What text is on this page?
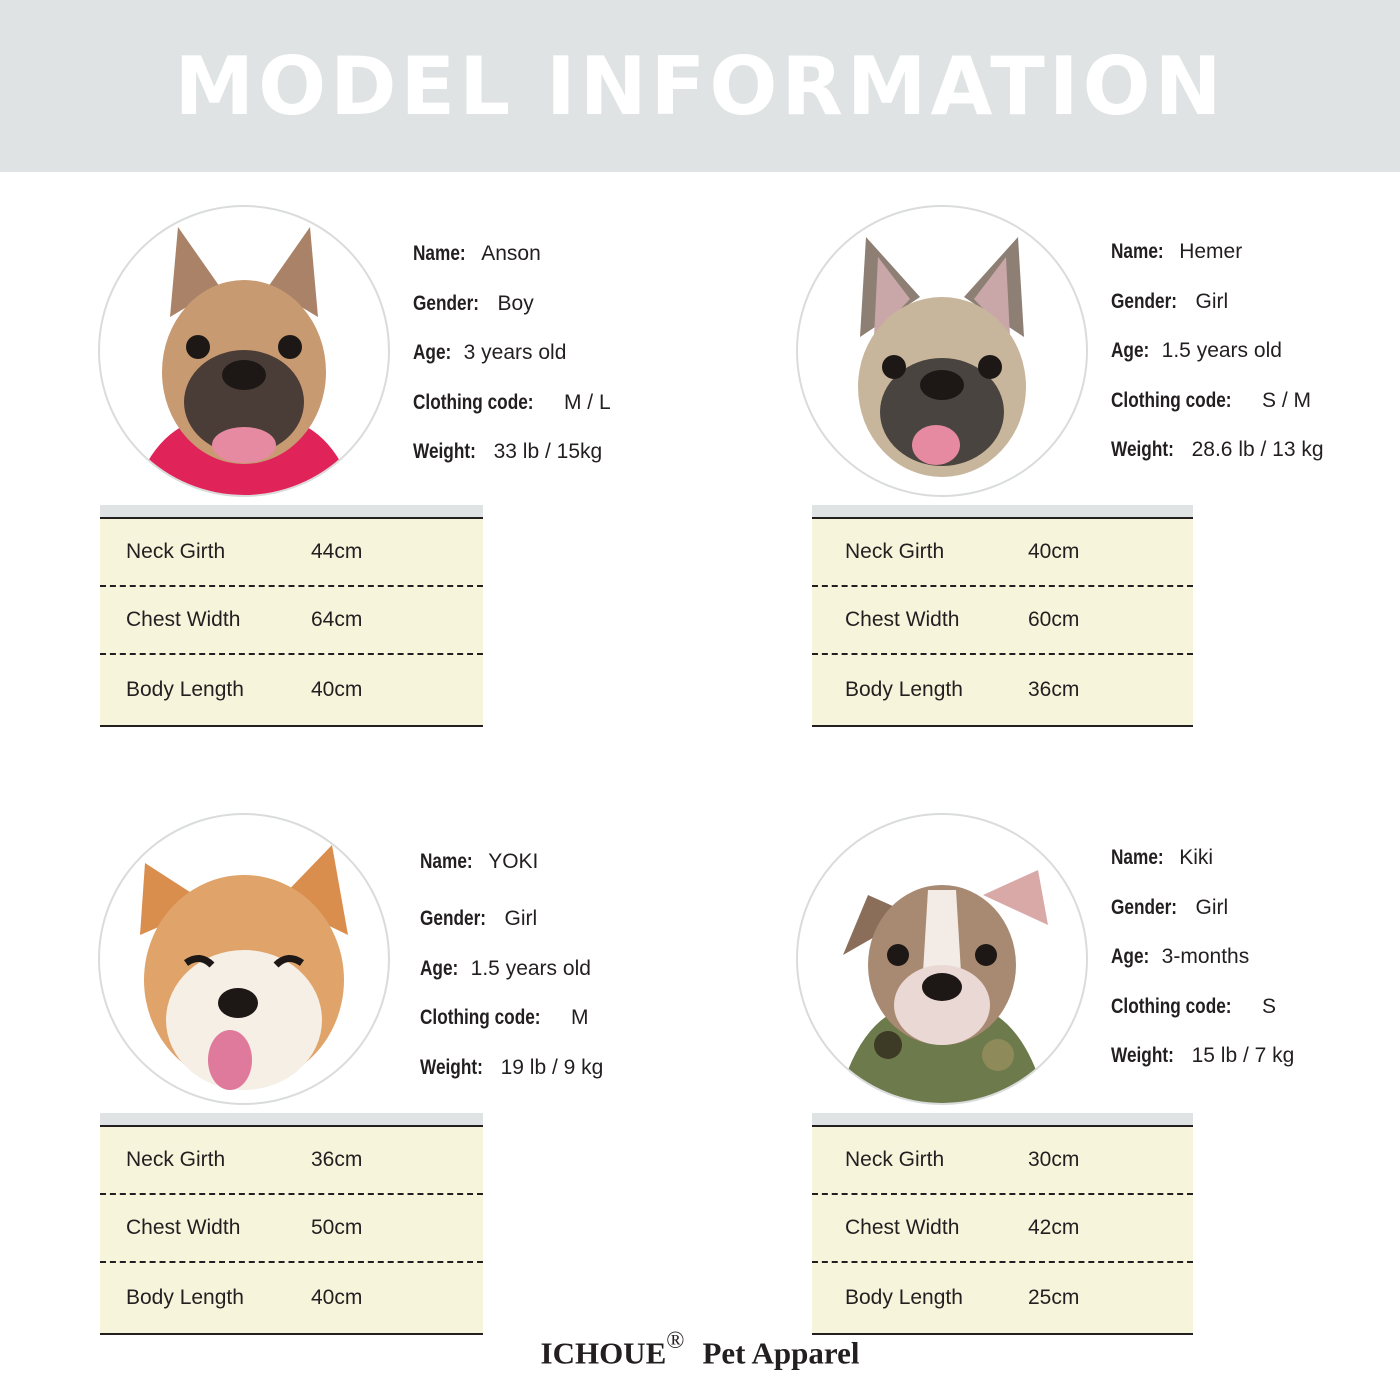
MODEL INFORMATION
Name: Anson
Gender: Boy
Age: 3 years old
Clothing code: M / L
Weight: 33 lb / 15kg
Neck Girth	44cm
Chest Width	64cm
Body Length	40cm
Name: Hemer
Gender: Girl
Age: 1.5 years old
Clothing code: S / M
Weight: 28.6 lb / 13 kg
Neck Girth	40cm
Chest Width	60cm
Body Length	36cm
Name: YOKI
Gender: Girl
Age: 1.5 years old
Clothing code: M
Weight: 19 lb / 9 kg
Neck Girth	36cm
Chest Width	50cm
Body Length	40cm
Name: Kiki
Gender: Girl
Age: 3-months
Clothing code: S
Weight: 15 lb / 7 kg
Neck Girth	30cm
Chest Width	42cm
Body Length	25cm
ICHOUE® Pet Apparel
